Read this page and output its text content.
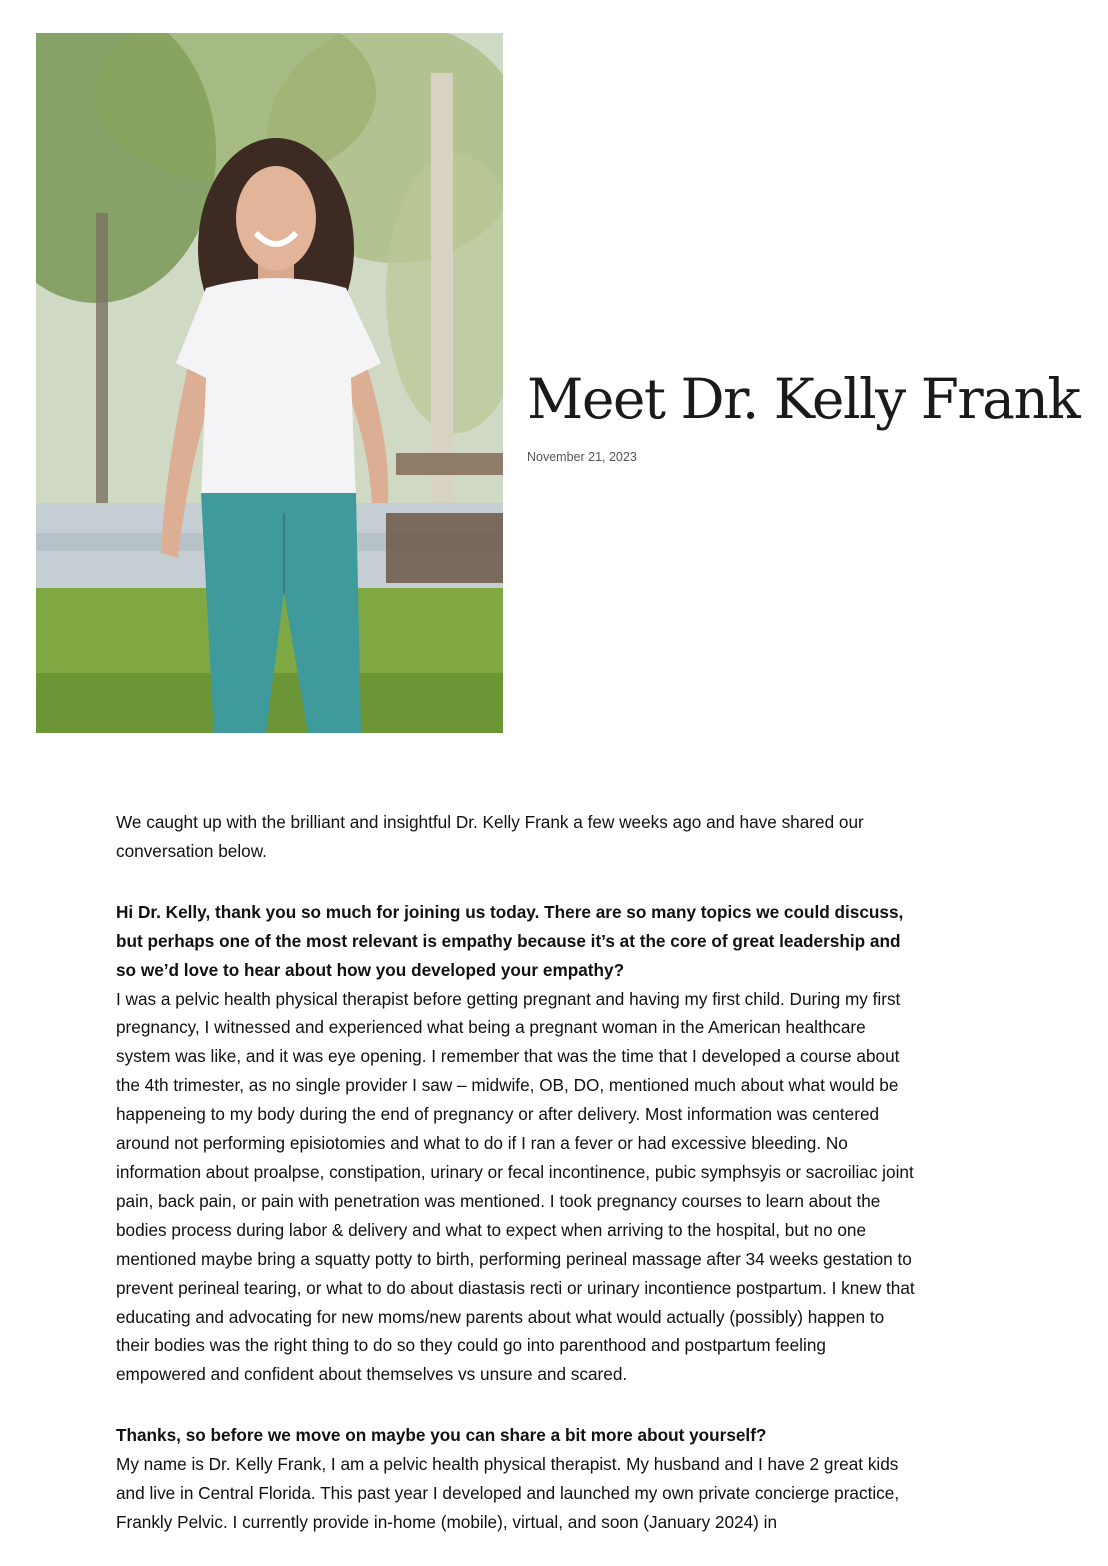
Meet Dr. Kelly Frank
November 21, 2023

We caught up with the brilliant and insightful Dr. Kelly Frank a few weeks ago and have shared our conversation below.

Hi Dr. Kelly, thank you so much for joining us today. There are so many topics we could discuss, but perhaps one of the most relevant is empathy because it’s at the core of great leadership and so we’d love to hear about how you developed your empathy?

I was a pelvic health physical therapist before getting pregnant and having my first child. During my first pregnancy, I witnessed and experienced what being a pregnant woman in the American healthcare system was like, and it was eye opening. I remember that was the time that I developed a course about the 4th trimester, as no single provider I saw – midwife, OB, DO, mentioned much about what would be happeneing to my body during the end of pregnancy or after delivery. Most information was centered around not performing episiotomies and what to do if I ran a fever or had excessive bleeding. No information about proalpse, constipation, urinary or fecal incontinence, pubic symphsyis or sacroiliac joint pain, back pain, or pain with penetration was mentioned. I took pregnancy courses to learn about the bodies process during labor & delivery and what to expect when arriving to the hospital, but no one mentioned maybe bring a squatty potty to birth, performing perineal massage after 34 weeks gestation to prevent perineal tearing, or what to do about diastasis recti or urinary incontience postpartum. I knew that educating and advocating for new moms/new parents about what would actually (possibly) happen to their bodies was the right thing to do so they could go into parenthood and postpartum feeling empowered and confident about themselves vs unsure and scared.

Thanks, so before we move on maybe you can share a bit more about yourself?

My name is Dr. Kelly Frank, I am a pelvic health physical therapist. My husband and I have 2 great kids and live in Central Florida. This past year I developed and launched my own private concierge practice, Frankly Pelvic. I currently provide in-home (mobile), virtual, and soon (January 2024) in
